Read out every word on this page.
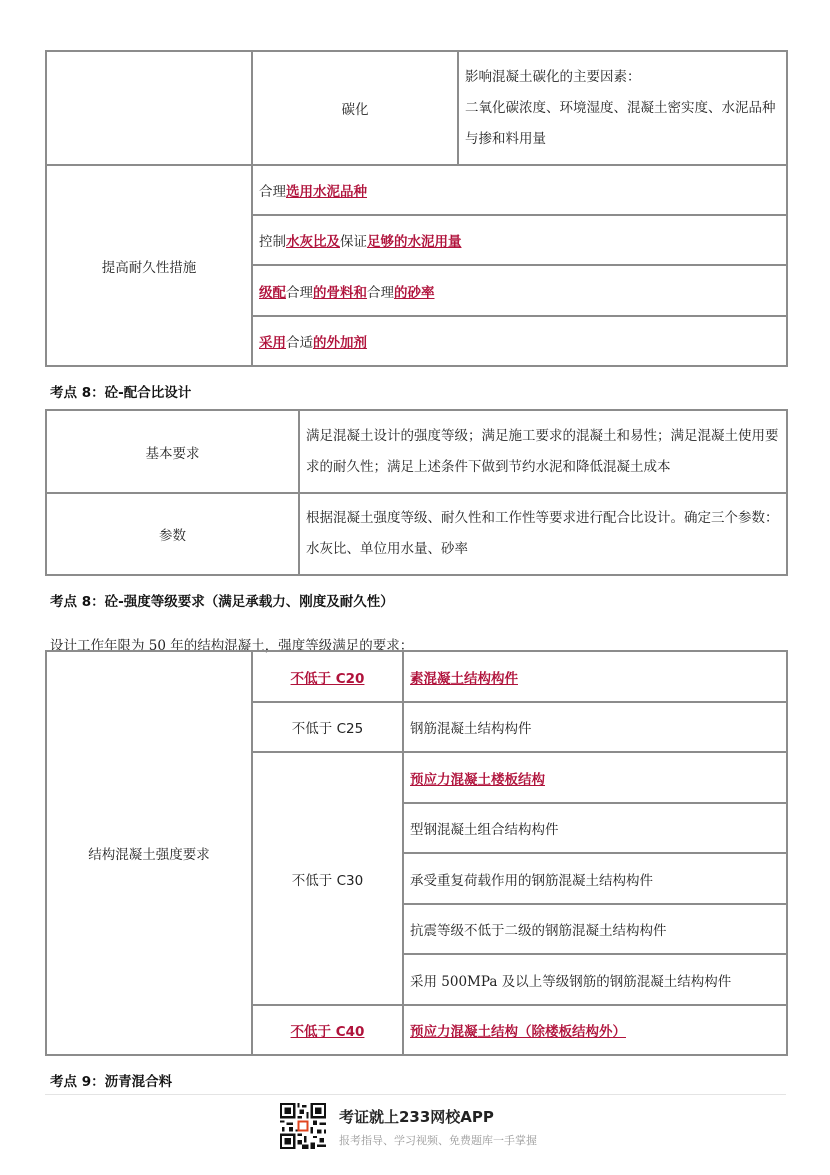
	碳化	影响混凝土碳化的主要因素：
二氧化碳浓度、环境湿度、混凝土密实度、水泥品种与掺和料用量

提高耐久性措施	合理选用水泥品种	
	控制水灰比及保证足够的水泥用量	
	级配合理的骨料和合理的砂率	
	采用合适的外加剂	
考点 8：砼-配合比设计
基本要求	满足混凝土设计的强度等级；满足施工要求的混凝土和易性；满足混凝土使用要求的耐久性；满足上述条件下做到节约水泥和降低混凝土成本
参数	根据混凝土强度等级、耐久性和工作性等要求进行配合比设计。确定三个参数：水灰比、单位用水量、砂率
考点 8：砼-强度等级要求（满足承载力、刚度及耐久性）
设计工作年限为 50 年的结构混凝土，强度等级满足的要求：
结构混凝土强度要求	不低于 C20	素混凝土结构构件
	不低于 C25	钢筋混凝土结构构件
	不低于 C30	预应力混凝土楼板结构
		型钢混凝土组合结构构件
		承受重复荷载作用的钢筋混凝土结构构件
		抗震等级不低于二级的钢筋混凝土结构构件
		采用 500MPa 及以上等级钢筋的钢筋混凝土结构构件
	不低于 C40	预应力混凝土结构（除楼板结构外）
考点 9：沥青混合料
考证就上233网校APP
报考指导、学习视频、免费题库一手掌握
